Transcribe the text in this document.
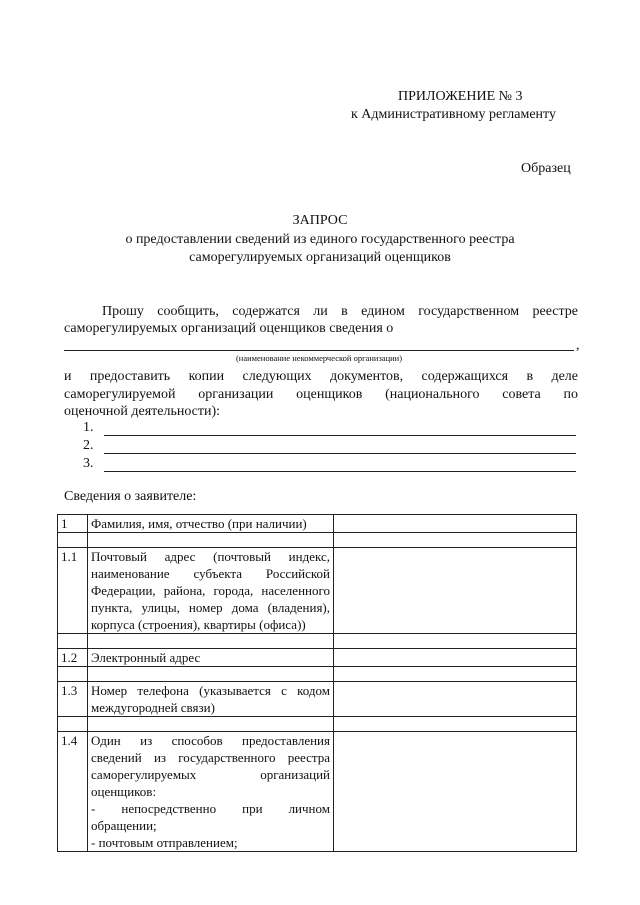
ПРИЛОЖЕНИЕ № 3
к Административному регламенту
Образец
ЗАПРОС
о предоставлении сведений из единого государственного реестра
саморегулируемых организаций оценщиков
Прошу сообщить, содержатся ли в едином государственном реестре
саморегулируемых организаций оценщиков сведения о
,
(наименование некоммерческой организации)
и предоставить копии следующих документов, содержащихся в деле
саморегулируемой организации оценщиков (национального совета по
оценочной деятельности):
1.
2.
3.
Сведения о заявителе:
1	Фамилия, имя, отчество (при наличии)	

1.1	Почтовый адрес (почтовый индекс, наименование субъекта Российской Федерации, района, города, населенного пункта, улицы, номер дома (владения), корпуса (строения), квартиры (офиса))	

1.2	Электронный адрес	

1.3	Номер телефона (указывается с кодом междугородней связи)	

1.4	Один из способов предоставления сведений из государственного реестра саморегулируемых организаций оценщиков:
- непосредственно при личном обращении;
- почтовым отправлением;	
